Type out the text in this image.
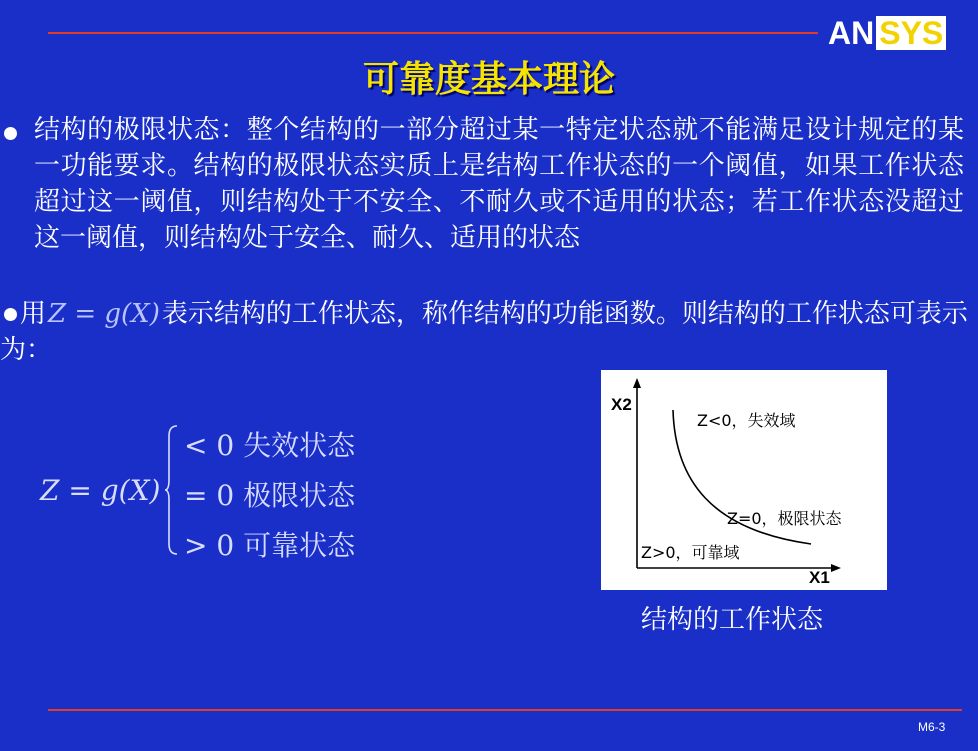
AN SYS
可靠度基本理论

结构的极限状态：整个结构的一部分超过某一特定状态就不能满足设计规定的某一功能要求。结构的极限状态实质上是结构工作状态的一个阈值，如果工作状态超过这一阈值，则结构处于不安全、不耐久或不适用的状态；若工作状态没超过这一阈值，则结构处于安全、耐久、适用的状态

用Z = g(X)表示结构的工作状态，称作结构的功能函数。则结构的工作状态可表示为：

Z = g(X)
< 0 失效状态
= 0 极限状态
> 0 可靠状态
X2
X1
Z<0，失效域
Z=0，极限状态
Z>0，可靠域
结构的工作状态
M6-3
